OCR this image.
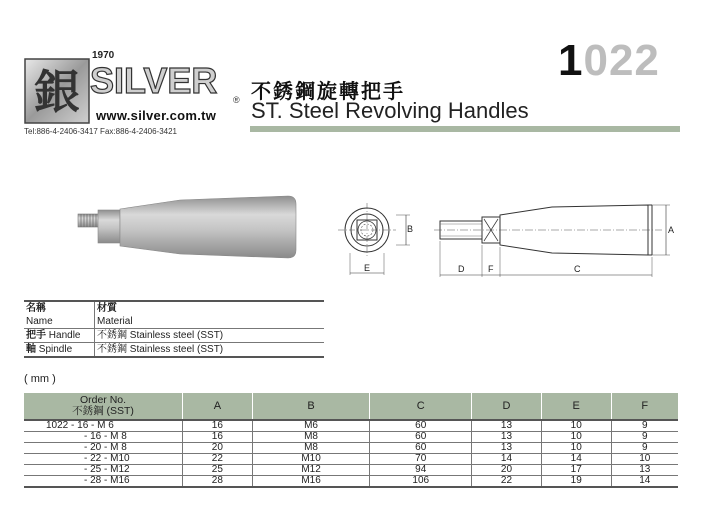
銀
1970
SILVER ®
www.silver.com.tw
Tel:886-4-2406-3417 Fax:886-4-2406-3421
不銹鋼旋轉把手
ST. Steel Revolving Handles
1022
B
E
A
D	F	C
名稱	材質
Name	Material
把手 Handle	不銹鋼 Stainless steel (SST)
軸 Spindle	不銹鋼 Stainless steel (SST)
( mm )
Order No.
不銹鋼 (SST)	A	B	C	D	E	F
1022 - 16 - M 6	16	M6	60	13	10	9
- 16 - M 8	16	M8	60	13	10	9
- 20 - M 8	20	M8	60	13	10	9
- 22 - M10	22	M10	70	14	14	10
- 25 - M12	25	M12	94	20	17	13
- 28 - M16	28	M16	106	22	19	14
